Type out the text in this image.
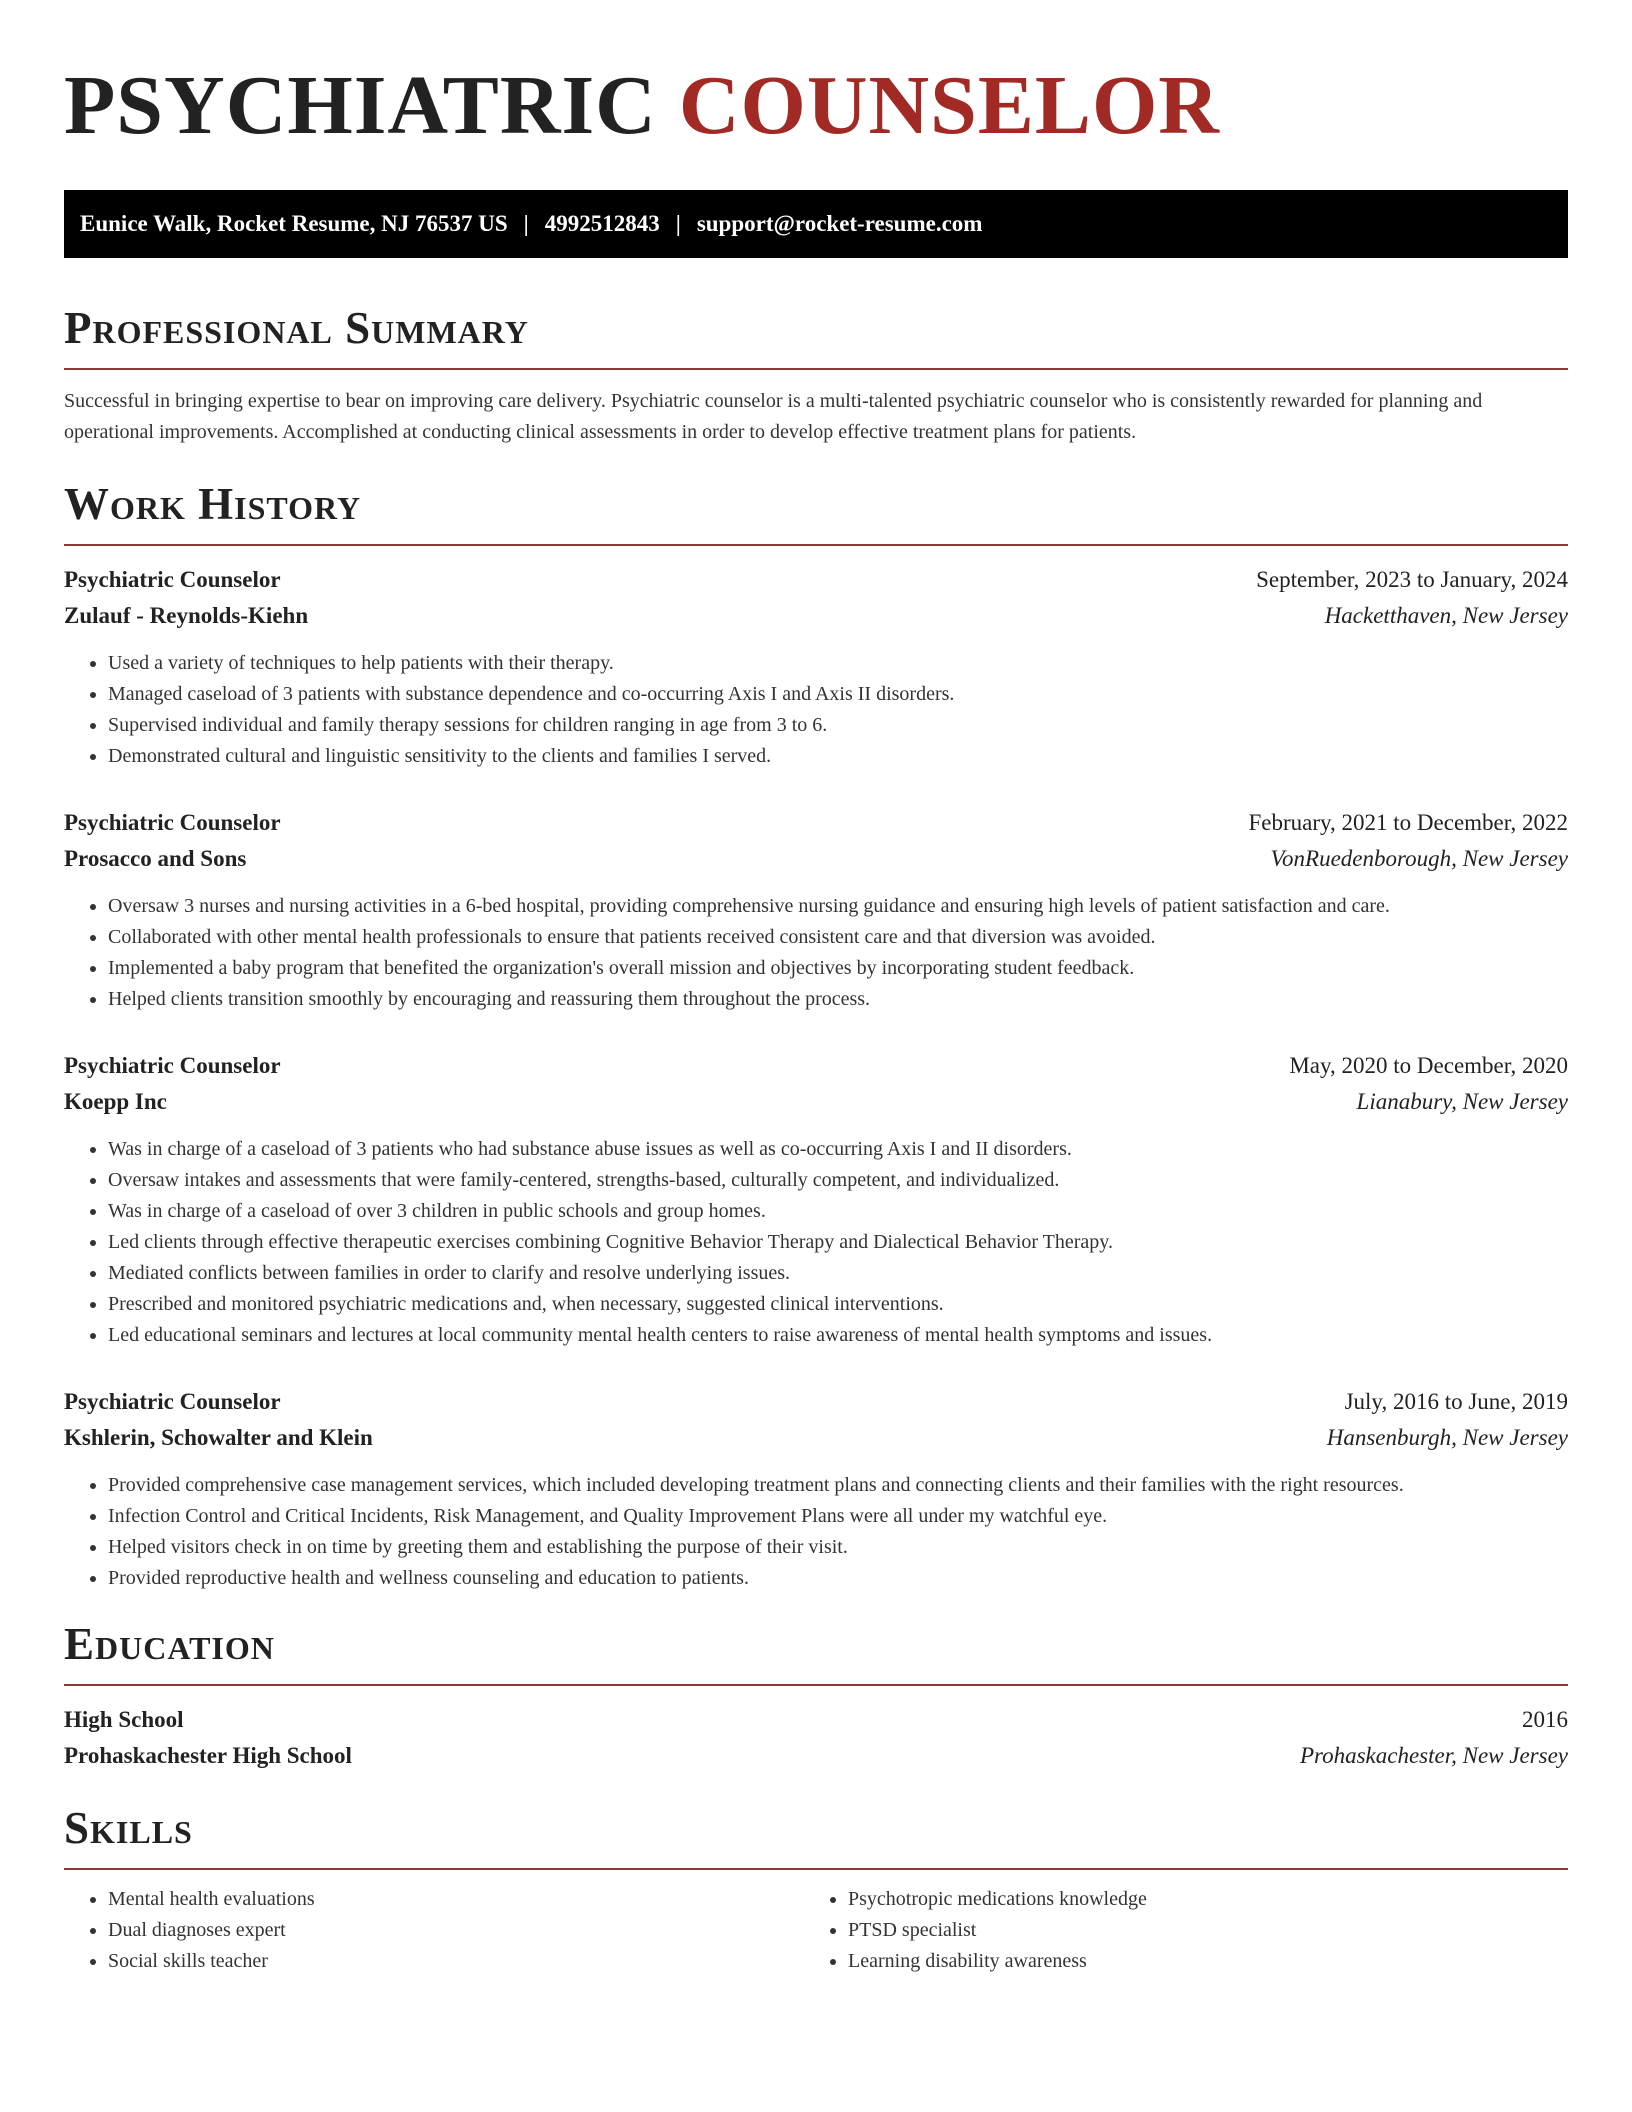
PSYCHIATRIC COUNSELOR
Eunice Walk, Rocket Resume, NJ 76537 US | 4992512843 | support@rocket-resume.com
Professional Summary
Successful in bringing expertise to bear on improving care delivery. Psychiatric counselor is a multi-talented psychiatric counselor who is consistently rewarded for planning and operational improvements. Accomplished at conducting clinical assessments in order to develop effective treatment plans for patients.
Work History
Psychiatric Counselor	September, 2023 to January, 2024
Zulauf - Reynolds-Kiehn	Hacketthaven, New Jersey
• Used a variety of techniques to help patients with their therapy.
• Managed caseload of 3 patients with substance dependence and co-occurring Axis I and Axis II disorders.
• Supervised individual and family therapy sessions for children ranging in age from 3 to 6.
• Demonstrated cultural and linguistic sensitivity to the clients and families I served.
Psychiatric Counselor	February, 2021 to December, 2022
Prosacco and Sons	VonRuedenborough, New Jersey
• Oversaw 3 nurses and nursing activities in a 6-bed hospital, providing comprehensive nursing guidance and ensuring high levels of patient satisfaction and care.
• Collaborated with other mental health professionals to ensure that patients received consistent care and that diversion was avoided.
• Implemented a baby program that benefited the organization's overall mission and objectives by incorporating student feedback.
• Helped clients transition smoothly by encouraging and reassuring them throughout the process.
Psychiatric Counselor	May, 2020 to December, 2020
Koepp Inc	Lianabury, New Jersey
• Was in charge of a caseload of 3 patients who had substance abuse issues as well as co-occurring Axis I and II disorders.
• Oversaw intakes and assessments that were family-centered, strengths-based, culturally competent, and individualized.
• Was in charge of a caseload of over 3 children in public schools and group homes.
• Led clients through effective therapeutic exercises combining Cognitive Behavior Therapy and Dialectical Behavior Therapy.
• Mediated conflicts between families in order to clarify and resolve underlying issues.
• Prescribed and monitored psychiatric medications and, when necessary, suggested clinical interventions.
• Led educational seminars and lectures at local community mental health centers to raise awareness of mental health symptoms and issues.
Psychiatric Counselor	July, 2016 to June, 2019
Kshlerin, Schowalter and Klein	Hansenburgh, New Jersey
• Provided comprehensive case management services, which included developing treatment plans and connecting clients and their families with the right resources.
• Infection Control and Critical Incidents, Risk Management, and Quality Improvement Plans were all under my watchful eye.
• Helped visitors check in on time by greeting them and establishing the purpose of their visit.
• Provided reproductive health and wellness counseling and education to patients.
Education
High School	2016
Prohaskachester High School	Prohaskachester, New Jersey
Skills
• Mental health evaluations
• Dual diagnoses expert
• Social skills teacher
• Psychotropic medications knowledge
• PTSD specialist
• Learning disability awareness
